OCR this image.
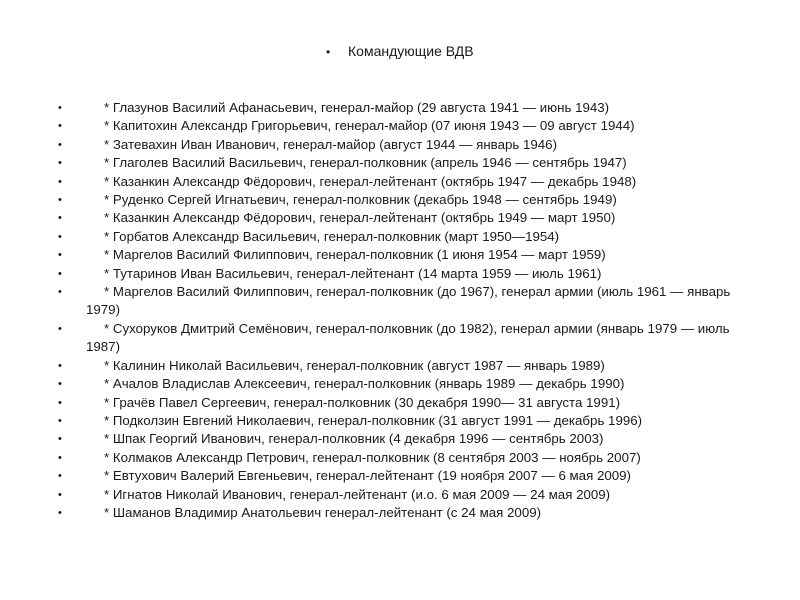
• Командующие ВДВ
•	* Глазунов Василий Афанасьевич, генерал-майор (29 августа 1941 — июнь 1943)
•	* Капитохин Александр Григорьевич, генерал-майор (07 июня 1943 — 09 август 1944)
•	* Затевахин Иван Иванович, генерал-майор (август 1944 — январь 1946)
•	* Глаголев Василий Васильевич, генерал-полковник (апрель 1946 — сентябрь 1947)
•	* Казанкин Александр Фёдорович, генерал-лейтенант (октябрь 1947 — декабрь 1948)
•	* Руденко Сергей Игнатьевич, генерал-полковник (декабрь 1948 — сентябрь 1949)
•	* Казанкин Александр Фёдорович, генерал-лейтенант (октябрь 1949 — март 1950)
•	* Горбатов Александр Васильевич, генерал-полковник (март 1950—1954)
•	* Маргелов Василий Филиппович, генерал-полковник (1 июня 1954 — март 1959)
•	* Тутаринов Иван Васильевич, генерал-лейтенант (14 марта 1959 — июль 1961)
•	* Маргелов Василий Филиппович, генерал-полковник (до 1967), генерал армии (июль 1961 — январь 1979)
•	* Сухоруков Дмитрий Семёнович, генерал-полковник (до 1982), генерал армии (январь 1979 — июль 1987)
•	* Калинин Николай Васильевич, генерал-полковник (август 1987 — январь 1989)
•	* Ачалов Владислав Алексеевич, генерал-полковник (январь 1989 — декабрь 1990)
•	* Грачёв Павел Сергеевич, генерал-полковник (30 декабря 1990— 31 августа 1991)
•	* Подколзин Евгений Николаевич, генерал-полковник (31 август 1991 — декабрь 1996)
•	* Шпак Георгий Иванович, генерал-полковник (4 декабря 1996 — сентябрь 2003)
•	* Колмаков Александр Петрович, генерал-полковник (8 сентября 2003 — ноябрь 2007)
•	* Евтухович Валерий Евгеньевич, генерал-лейтенант (19 ноября 2007 — 6 мая 2009)
•	* Игнатов Николай Иванович, генерал-лейтенант (и.о. 6 мая 2009 — 24 мая 2009)
•	* Шаманов Владимир Анатольевич генерал-лейтенант (с 24 мая 2009)
